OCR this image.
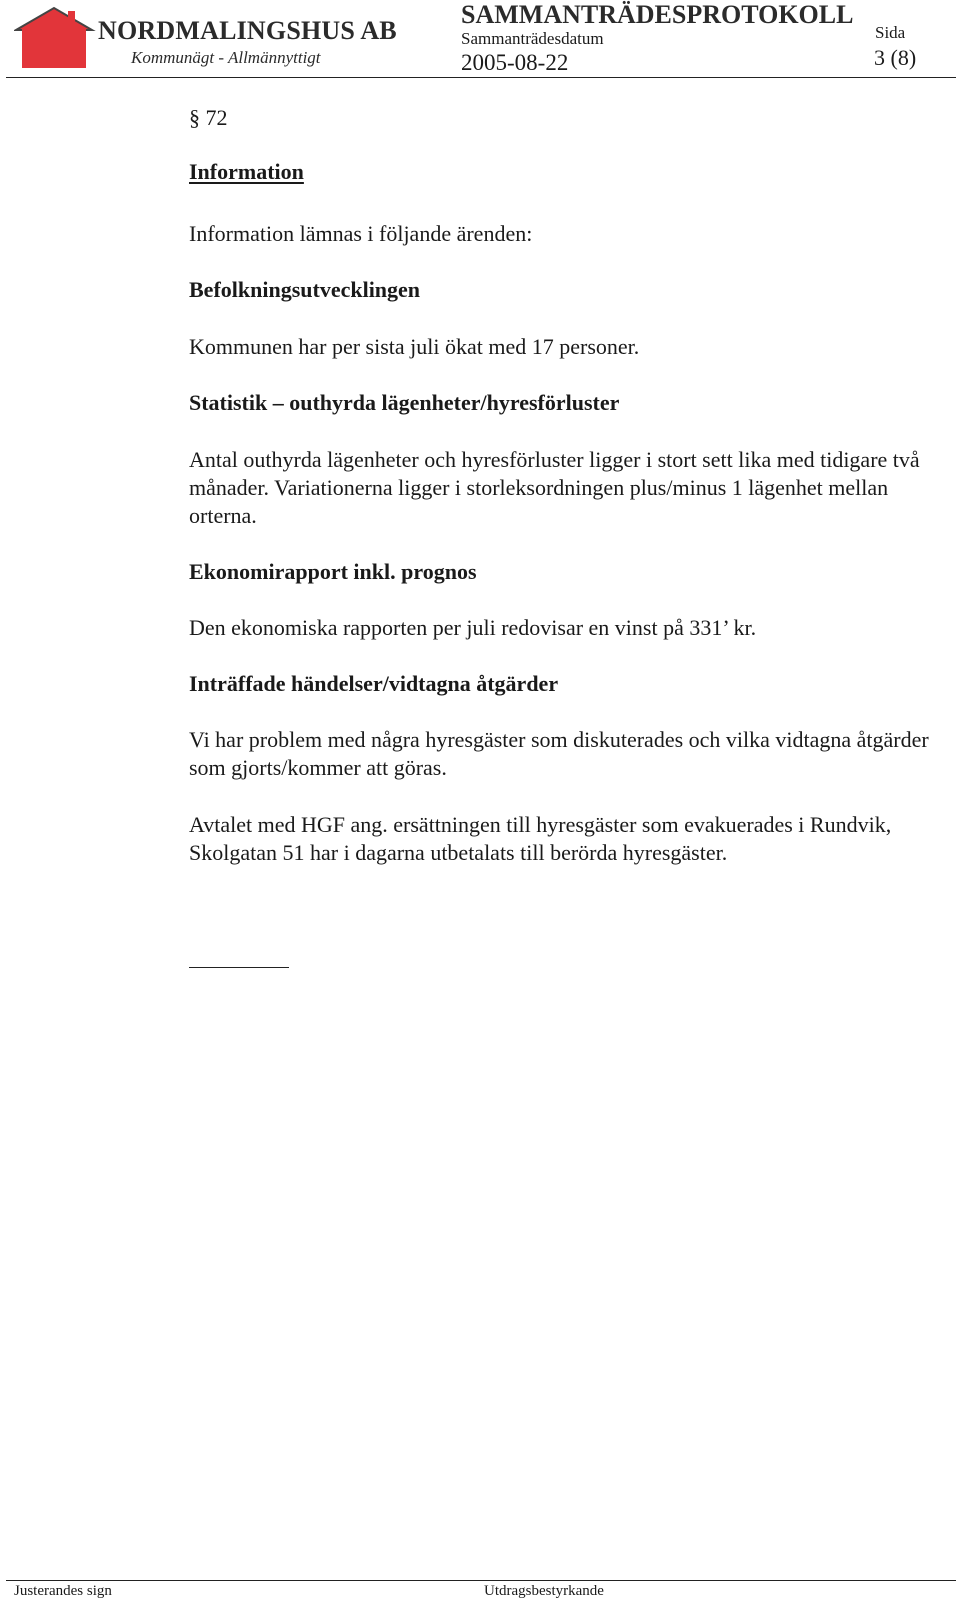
NORDMALINGSHUS AB
Kommunägt - Allmännyttigt
SAMMANTRÄDESPROTOKOLL
Sammanträdesdatum
2005-08-22
Sida
3 (8)
§ 72
Information
Information lämnas i följande ärenden:
Befolkningsutvecklingen
Kommunen har per sista juli ökat med 17 personer.
Statistik – outhyrda lägenheter/hyresförluster
Antal outhyrda lägenheter och hyresförluster ligger i stort sett lika med tidigare två månader. Variationerna ligger i storleksordningen plus/minus 1 lägenhet mellan orterna.
Ekonomirapport inkl. prognos
Den ekonomiska rapporten per juli redovisar en vinst på 331’ kr.
Inträffade händelser/vidtagna åtgärder
Vi har problem med några hyresgäster som diskuterades och vilka vidtagna åtgärder som gjorts/kommer att göras.
Avtalet med HGF ang. ersättningen till hyresgäster som evakuerades i Rundvik, Skolgatan 51 har i dagarna utbetalats till berörda hyresgäster.
Justerandes sign	Utdragsbestyrkande
